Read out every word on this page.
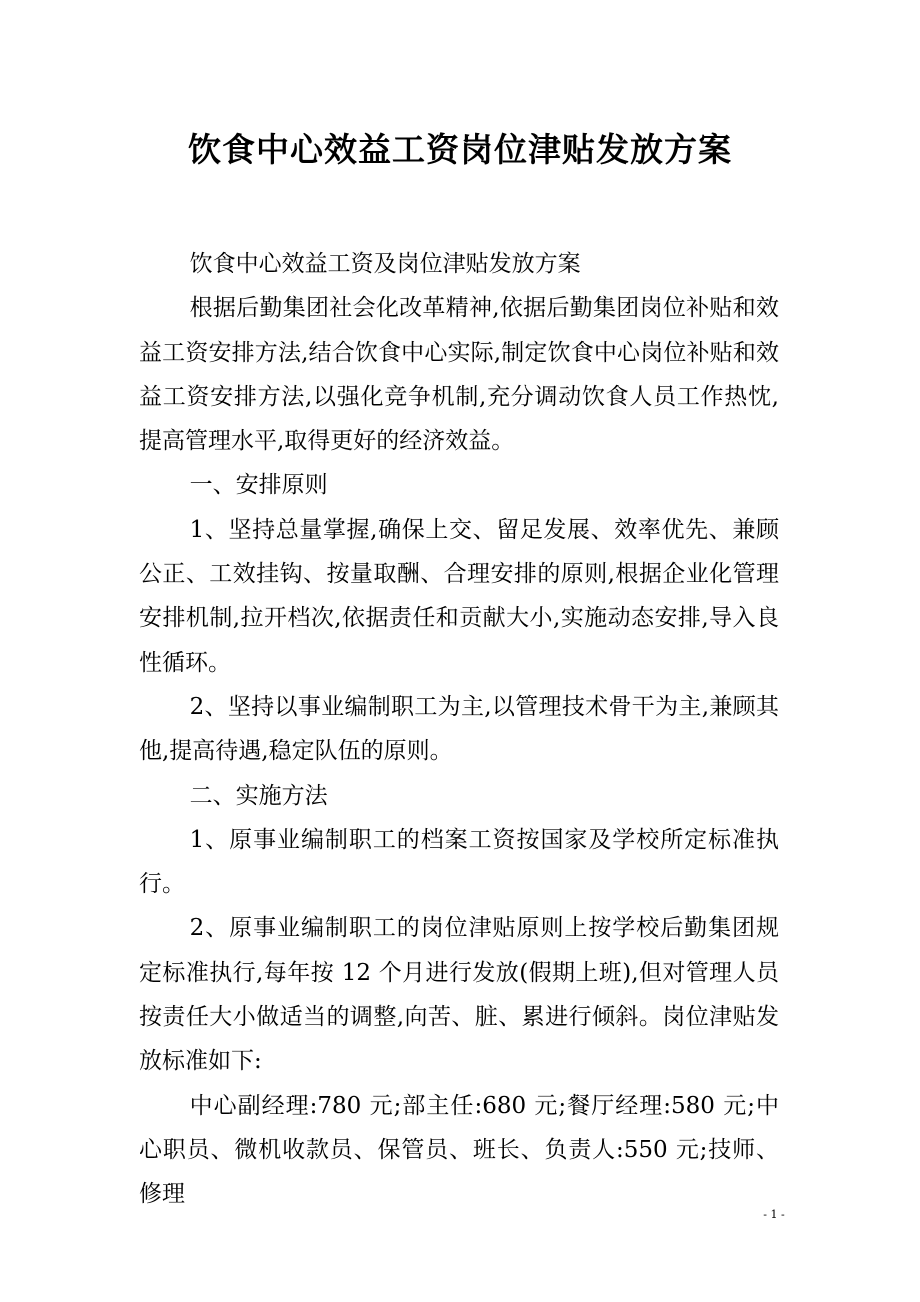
饮食中心效益工资岗位津贴发放方案

饮食中心效益工资及岗位津贴发放方案

根据后勤集团社会化改革精神,依据后勤集团岗位补贴和效益工资安排方法,结合饮食中心实际,制定饮食中心岗位补贴和效益工资安排方法,以强化竞争机制,充分调动饮食人员工作热忱,提高管理水平,取得更好的经济效益。

一、安排原则

1、坚持总量掌握,确保上交、留足发展、效率优先、兼顾公正、工效挂钩、按量取酬、合理安排的原则,根据企业化管理安排机制,拉开档次,依据责任和贡献大小,实施动态安排,导入良性循环。

2、坚持以事业编制职工为主,以管理技术骨干为主,兼顾其他,提高待遇,稳定队伍的原则。

二、实施方法

1、原事业编制职工的档案工资按国家及学校所定标准执行。

2、原事业编制职工的岗位津贴原则上按学校后勤集团规定标准执行,每年按 12 个月进行发放(假期上班),但对管理人员按责任大小做适当的调整,向苦、脏、累进行倾斜。岗位津贴发放标准如下:

中心副经理:780 元;部主任:680 元;餐厅经理:580 元;中心职员、微机收款员、保管员、班长、负责人:550 元;技师、修理

- 1 -
